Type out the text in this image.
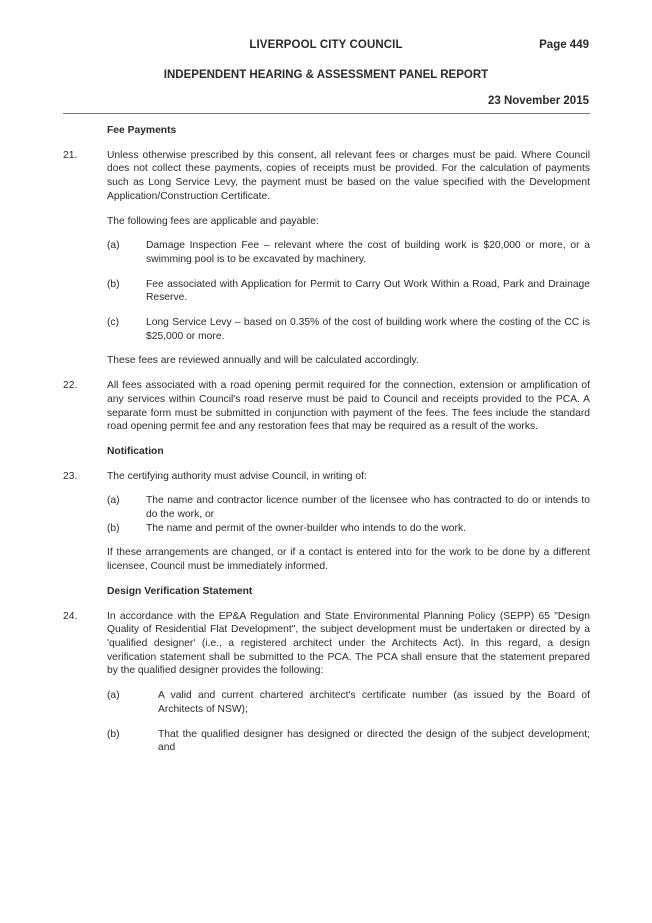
LIVERPOOL CITY COUNCIL	Page 449
INDEPENDENT HEARING & ASSESSMENT PANEL REPORT
23 November 2015
Fee Payments
21.	Unless otherwise prescribed by this consent, all relevant fees or charges must be paid. Where Council does not collect these payments, copies of receipts must be provided. For the calculation of payments such as Long Service Levy, the payment must be based on the value specified with the Development Application/Construction Certificate.
The following fees are applicable and payable:
(a)	Damage Inspection Fee – relevant where the cost of building work is $20,000 or more, or a swimming pool is to be excavated by machinery.
(b)	Fee associated with Application for Permit to Carry Out Work Within a Road, Park and Drainage Reserve.
(c)	Long Service Levy – based on 0.35% of the cost of building work where the costing of the CC is $25,000 or more.
These fees are reviewed annually and will be calculated accordingly.
22.	All fees associated with a road opening permit required for the connection, extension or amplification of any services within Council's road reserve must be paid to Council and receipts provided to the PCA. A separate form must be submitted in conjunction with payment of the fees. The fees include the standard road opening permit fee and any restoration fees that may be required as a result of the works.
Notification
23.	The certifying authority must advise Council, in writing of:
(a)	The name and contractor licence number of the licensee who has contracted to do or intends to do the work, or
(b)	The name and permit of the owner-builder who intends to do the work.
If these arrangements are changed, or if a contact is entered into for the work to be done by a different licensee, Council must be immediately informed.
Design Verification Statement
24.	In accordance with the EP&A Regulation and State Environmental Planning Policy (SEPP) 65 "Design Quality of Residential Flat Development", the subject development must be undertaken or directed by a 'qualified designer' (i.e., a registered architect under the Architects Act). In this regard, a design verification statement shall be submitted to the PCA. The PCA shall ensure that the statement prepared by the qualified designer provides the following:
(a)	A valid and current chartered architect's certificate number (as issued by the Board of Architects of NSW);
(b)	That the qualified designer has designed or directed the design of the subject development; and
